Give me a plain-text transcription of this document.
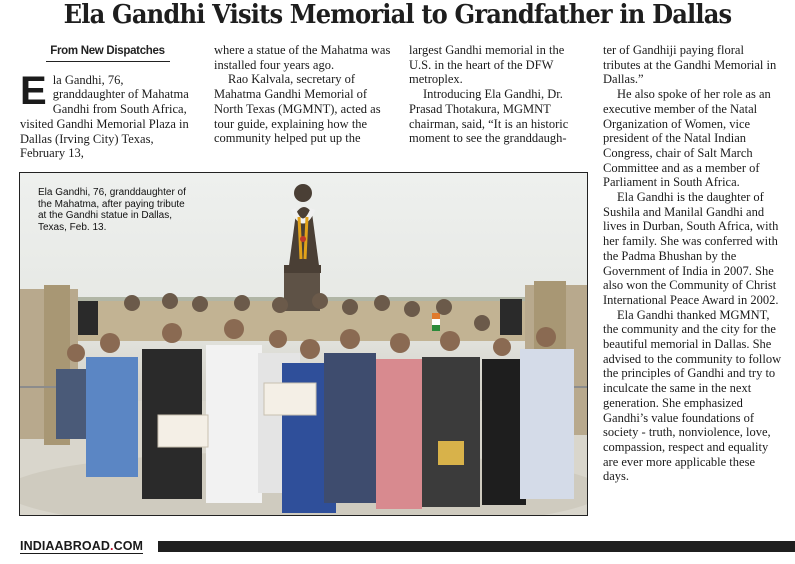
Ela Gandhi Visits Memorial to Grandfather in Dallas
From New Dispatches

Ela Gandhi, 76, granddaughter of Mahatma Gandhi from South Africa, visited Gandhi Memorial Plaza in Dallas (Irving City) Texas, February 13,

where a statue of the Mahatma was installed four years ago.

Rao Kalvala, secretary of Mahatma Gandhi Memorial of North Texas (MGMNT), acted as tour guide, explaining how the community helped put up the

largest Gandhi memorial in the U.S. in the heart of the DFW metroplex.

Introducing Ela Gandhi, Dr. Prasad Thotakura, MGMNT chairman, said, “It is an historic moment to see the granddaugh-

ter of Gandhiji paying floral tributes at the Gandhi Memorial in Dallas.”

He also spoke of her role as an executive member of the Natal Organization of Women, vice president of the Natal Indian Congress, chair of Salt March Committee and as a member of Parliament in South Africa.

Ela Gandhi is the daughter of Sushila and Manilal Gandhi and lives in Durban, South Africa, with her family. She was conferred with the Padma Bhushan by the Government of India in 2007. She also won the Community of Christ International Peace Award in 2002.

Ela Gandhi thanked MGMNT, the community and the city for the beautiful memorial in Dallas. She advised to the community to follow the principles of Gandhi and try to inculcate the same in the next generation. She emphasized Gandhi’s value foundations of society - truth, nonviolence, love, compassion, respect and equality are ever more applicable these days.

Ela Gandhi, 76, granddaughter of the Mahatma, after paying tribute at the Gandhi statue in Dallas, Texas, Feb. 13.
INDIAABROAD.COM
